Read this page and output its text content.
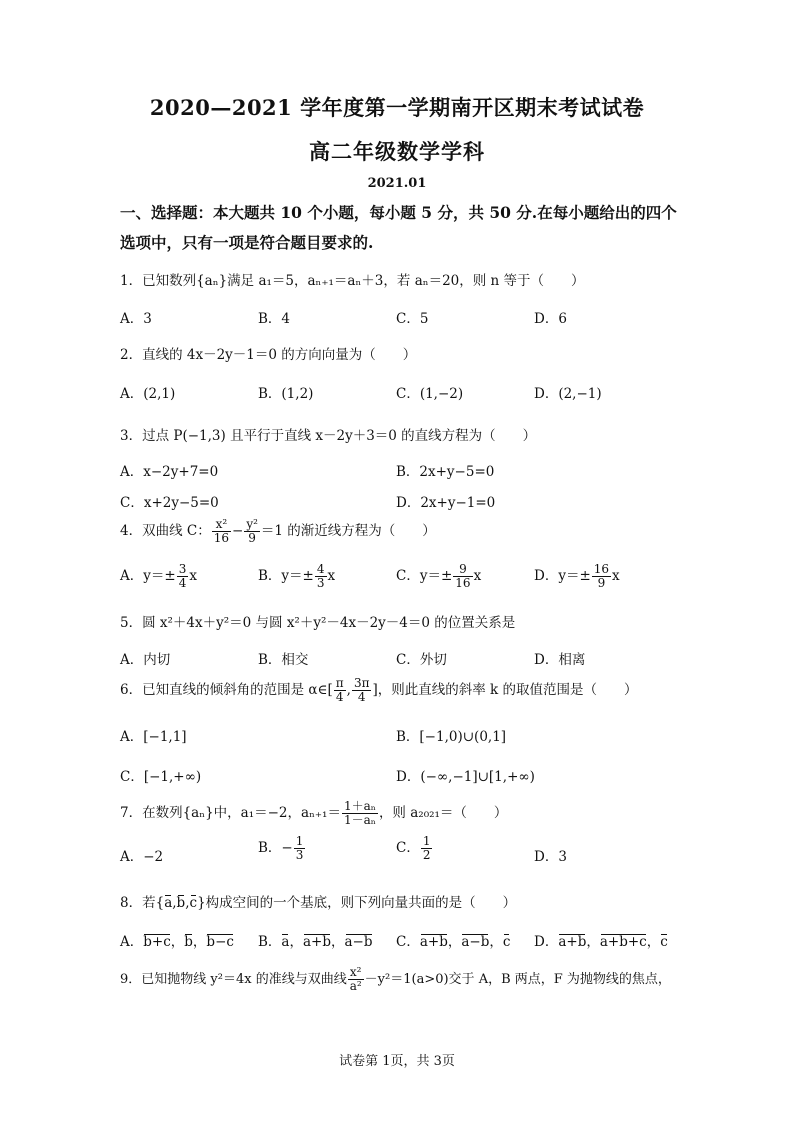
2020—2021 学年度第一学期南开区期末考试试卷
高二年级数学学科
2021.01
一、选择题：本大题共 10 个小题，每小题 5 分，共 50 分.在每小题给出的四个选项中，只有一项是符合题目要求的.
1．已知数列{aₙ}满足 a₁＝5，aₙ₊₁＝aₙ＋3，若 aₙ＝20，则 n 等于（　　）
A．3	B．4	C．5	D．6
2．直线的 4x－2y－1＝0 的方向向量为（　　）
A．(2,1)	B．(1,2)	C．(1,−2)	D．(2,−1)
3．过点 P(−1,3) 且平行于直线 x－2y＋3＝0 的直线方程为（　　）
A．x−2y+7=0	B．2x+y−5=0
C．x+2y−5=0	D．2x+y−1=0
4．双曲线 C： $\frac{\text{x²}}{16} - \frac{\text{y²}}{9} =1$ 的渐近线方程为（　　）
A．$y=\pm \frac{3}{4}$ x	B．$y=\pm \frac{4}{3}$ x	C．$y=\pm \frac{9}{16}$ x	D．$y=\pm \frac{16}{9}$ x
5．圆 x²＋4x＋y²＝0 与圆 x²＋y²－4x－2y－4＝0 的位置关系是
A．内切	B．相交	C．外切	D．相离
6．已知直线的倾斜角的范围是 α∈[ $\frac{\pi}{4}$ , $\frac{3\pi}{4}$ ]，则此直线的斜率 k 的取值范围是（　　）
A．[−1,1]	B．[−1,0)∪(0,1]
C．[−1,+∞)	D．(−∞,−1]∪[1,+∞)
7．在数列{aₙ}中，a₁＝−2，$a_{n+1}= \frac{\text{1＋aₙ}}{\text{1－aₙ}}$ ，则 a₂₀₂₁＝（　　）
A．−2
B．− $\frac{1}{3}$	C． $\frac{1}{2}$	D．3
8．若{a,b,c}构成空间的一个基底，则下列向量共面的是（　　）
A．b+c，b，b−c B．a，a+b，a−b C．a+b，a−b，c D．a+b，a+b+c，c
9．已知抛物线 y²＝4x 的准线与双曲线 $\frac{\text{x²}}{\text{a²}} -y^2=1(a>0)$交于 A，B 两点，F 为抛物线的焦点，
试卷第 1页，共 3页
